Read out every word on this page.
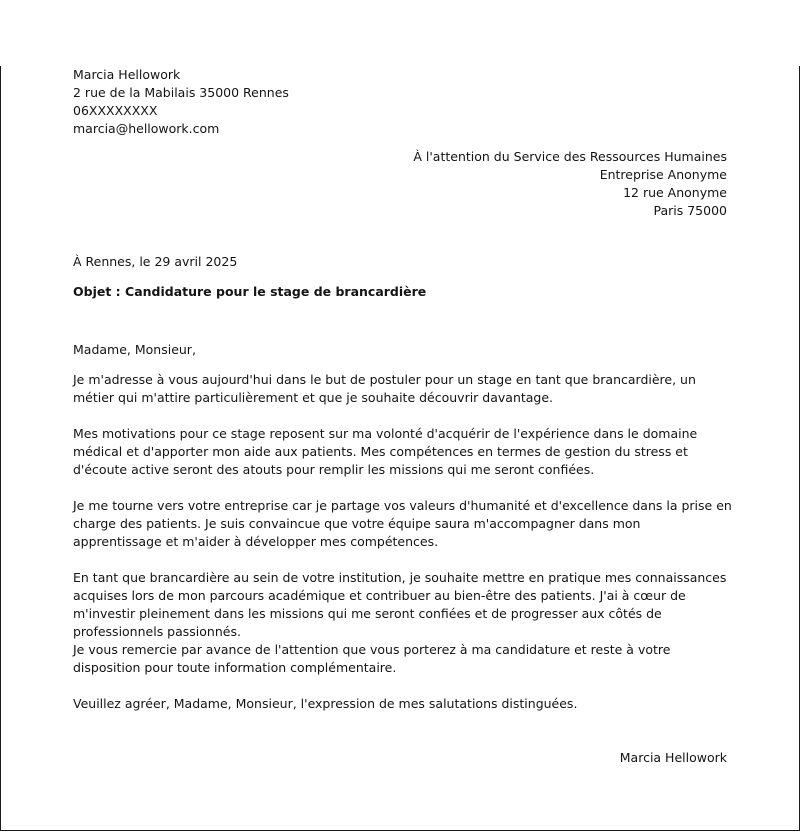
Marcia Hellowork
2 rue de la Mabilais 35000 Rennes
06XXXXXXXX
marcia@hellowork.com
À l'attention du Service des Ressources Humaines
Entreprise Anonyme
12 rue Anonyme
Paris 75000
À Rennes, le 29 avril 2025
Objet : Candidature pour le stage de brancardière
Madame, Monsieur,

Je m'adresse à vous aujourd'hui dans le but de postuler pour un stage en tant que brancardière, un métier qui m'attire particulièrement et que je souhaite découvrir davantage.

Mes motivations pour ce stage reposent sur ma volonté d'acquérir de l'expérience dans le domaine médical et d'apporter mon aide aux patients. Mes compétences en termes de gestion du stress et d'écoute active seront des atouts pour remplir les missions qui me seront confiées.

Je me tourne vers votre entreprise car je partage vos valeurs d'humanité et d'excellence dans la prise en charge des patients. Je suis convaincue que votre équipe saura m'accompagner dans mon apprentissage et m'aider à développer mes compétences.

En tant que brancardière au sein de votre institution, je souhaite mettre en pratique mes connaissances acquises lors de mon parcours académique et contribuer au bien-être des patients. J'ai à cœur de m'investir pleinement dans les missions qui me seront confiées et de progresser aux côtés de professionnels passionnés.

Je vous remercie par avance de l'attention que vous porterez à ma candidature et reste à votre disposition pour toute information complémentaire.

Veuillez agréer, Madame, Monsieur, l'expression de mes salutations distinguées.
Marcia Hellowork
